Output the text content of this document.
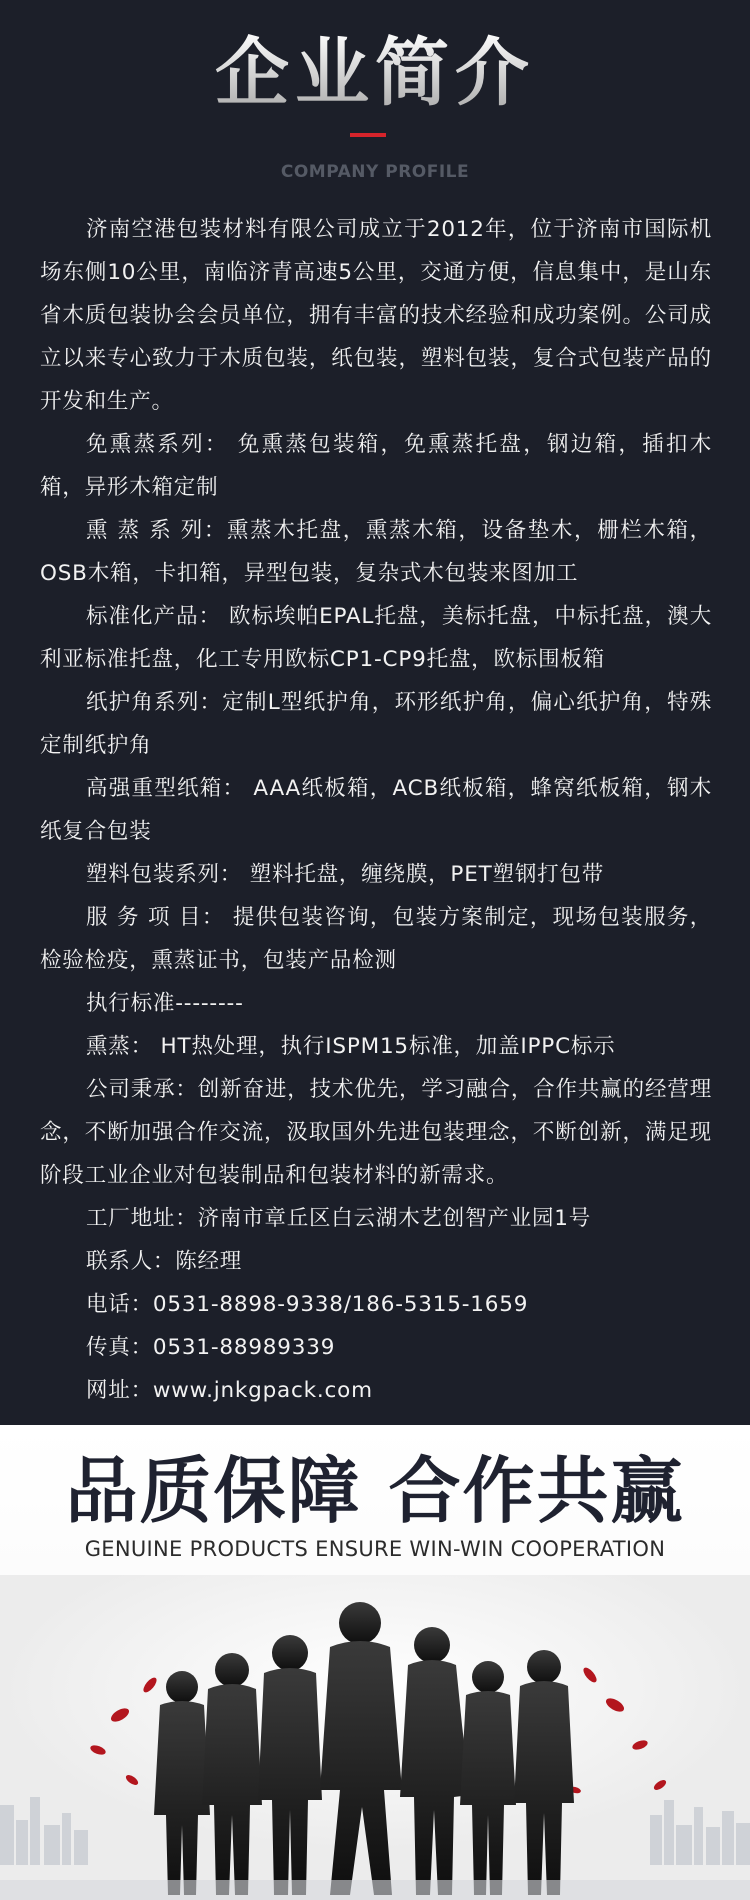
企业简介
COMPANY PROFILE

济南空港包装材料有限公司成立于2012年，位于济南市国际机场东侧10公里，南临济青高速5公里，交通方便，信息集中，是山东省木质包装协会会员单位，拥有丰富的技术经验和成功案例。公司成立以来专心致力于木质包装，纸包装，塑料包装，复合式包装产品的开发和生产。

免熏蒸系列： 免熏蒸包装箱，免熏蒸托盘，钢边箱，插扣木箱，异形木箱定制

熏 蒸 系 列：熏蒸木托盘，熏蒸木箱，设备垫木，栅栏木箱，OSB木箱，卡扣箱，异型包装，复杂式木包装来图加工

标准化产品： 欧标埃帕EPAL托盘，美标托盘，中标托盘，澳大利亚标准托盘，化工专用欧标CP1-CP9托盘，欧标围板箱

纸护角系列：定制L型纸护角，环形纸护角，偏心纸护角，特殊定制纸护角

高强重型纸箱： AAA纸板箱，ACB纸板箱，蜂窝纸板箱，钢木纸复合包装

塑料包装系列： 塑料托盘，缠绕膜，PET塑钢打包带

服 务 项 目： 提供包装咨询，包装方案制定，现场包装服务，检验检疫，熏蒸证书，包装产品检测

执行标准--------

熏蒸： HT热处理，执行ISPM15标准，加盖IPPC标示

公司秉承：创新奋进，技术优先，学习融合，合作共赢的经营理念，不断加强合作交流，汲取国外先进包装理念，不断创新，满足现阶段工业企业对包装制品和包装材料的新需求。

工厂地址：济南市章丘区白云湖木艺创智产业园1号

联系人：陈经理

电话：0531-8898-9338/186-5315-1659

传真：0531-88989339

网址：www.jnkgpack.com

品质保障 合作共赢
GENUINE PRODUCTS ENSURE WIN-WIN COOPERATION
